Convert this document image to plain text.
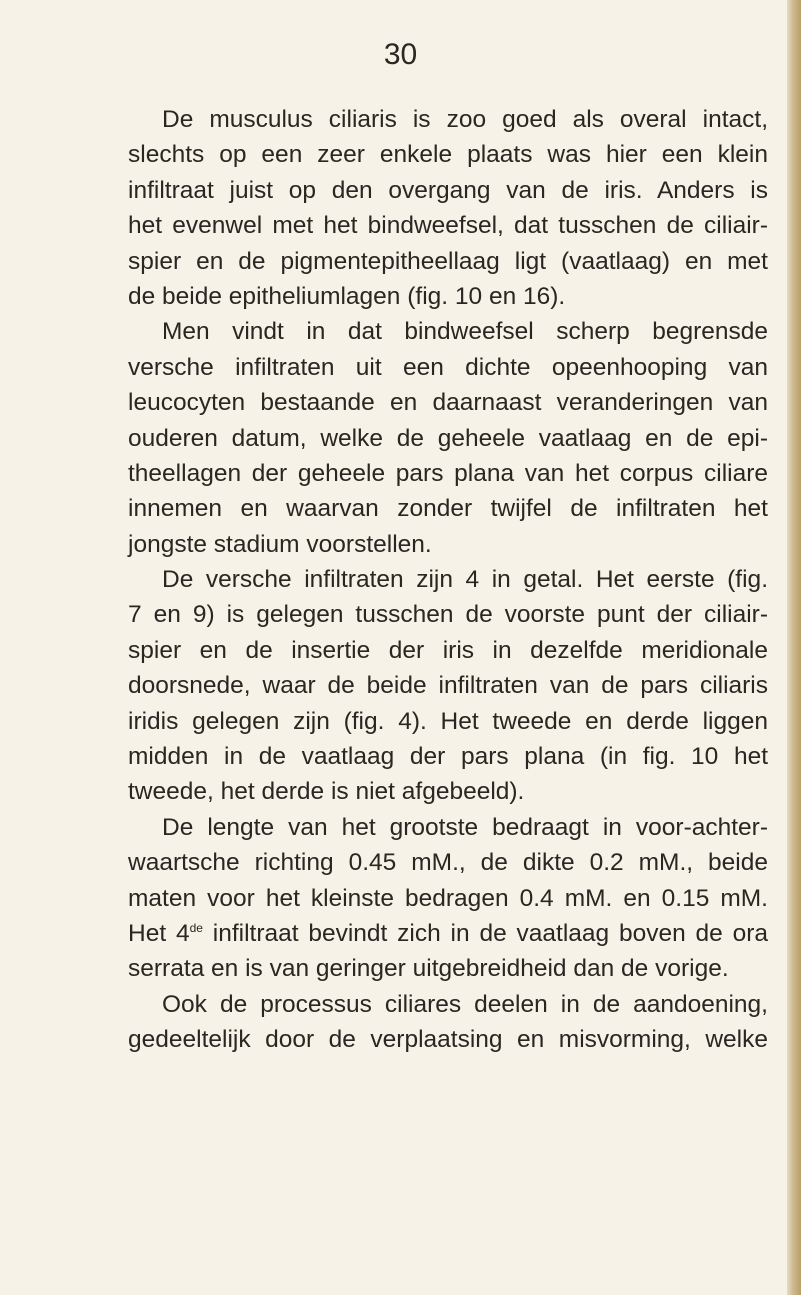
30
De musculus ciliaris is zoo goed als overal intact,
slechts op een zeer enkele plaats was hier een klein
infiltraat juist op den overgang van de iris. Anders is
het evenwel met het bindweefsel, dat tusschen de ciliair-
spier en de pigmentepitheellaag ligt (vaatlaag) en met
de beide epitheliumlagen (fig. 10 en 16).
Men vindt in dat bindweefsel scherp begrensde
versche infiltraten uit een dichte opeenhooping van
leucocyten bestaande en daarnaast veranderingen van
ouderen datum, welke de geheele vaatlaag en de epi-
theellagen der geheele pars plana van het corpus ciliare
innemen en waarvan zonder twijfel de infiltraten het
jongste stadium voorstellen.
De versche infiltraten zijn 4 in getal. Het eerste (fig.
7 en 9) is gelegen tusschen de voorste punt der ciliair-
spier en de insertie der iris in dezelfde meridionale
doorsnede, waar de beide infiltraten van de pars ciliaris
iridis gelegen zijn (fig. 4). Het tweede en derde liggen
midden in de vaatlaag der pars plana (in fig. 10 het
tweede, het derde is niet afgebeeld).
De lengte van het grootste bedraagt in voor-achter-
waartsche richting 0.45 mM., de dikte 0.2 mM., beide
maten voor het kleinste bedragen 0.4 mM. en 0.15 mM.
Het 4de infiltraat bevindt zich in de vaatlaag boven de ora
serrata en is van geringer uitgebreidheid dan de vorige.
Ook de processus ciliares deelen in de aandoening,
gedeeltelijk door de verplaatsing en misvorming, welke
